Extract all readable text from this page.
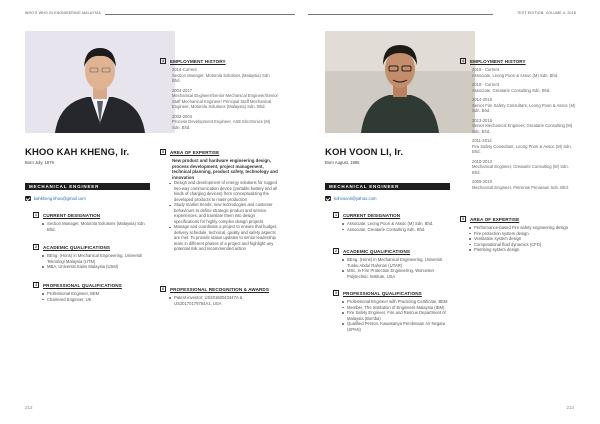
WHO'S WHO IN ENGINEERING MALAYSIA	TEST EDITION: VOLUME 4, 2018
KHOO KAH KHENG, Ir.
Born July, 1979
MECHANICAL ENGINEER
kahkheng.khoo@gmail.com
1	CURRENT DESIGNATION
Section Manager, Motorola Solutions (Malaysia) Sdn. Bhd.
2	ACADEMIC QUALIFICATIONS
BEng. (Hons) in Mechanical Engineering, Universiti Teknologi Malaysia (UTM)
MBA, Universiti Sains Malaysia (USM)
3	PROFESSIONAL QUALIFICATIONS
Professional Engineer, BEM
Chartered Engineer, UK
4	EMPLOYMENT HISTORY
2016-Current
Section Manager, Motorola Solutions (Malaysia) Sdn. Bhd.
2004-2017
Mechanical Engineer/Senior Mechanical Engineer/Senior Staff Mechanical Engineer/ Principal Staff Mechanical Engineer, Motorola Solutions (Malaysia) Sdn. Bhd.
2002-2004
Process Development Engineer, ASE Electronics (M) Sdn. Bhd.
5	AREA OF EXPERTISE
New product and hardware engineering design, process development, project management, technical planning, product safety, technology and innovation
Design and development of energy solutions for rugged two-way communication device (portable battery and all kinds of charging devices) from conceptualizing the developed products to mass production
Study market trends, new technologies and customer behaviours to define strategic product and service experiences, and translate them into design specifications for highly complex design projects
Manage and coordinate a project to ensure that budget, delivery schedule, technical, quality and safety aspects are met. To provide status updates to senior leadership team in different phases of a project and highlight any potential risk and recommended action
6	PROFESSIONAL RECOGNITION & AWARDS
Patent inventor: US20160043447A & US20170179754A1, USA
212
KOH VOON LI, Ir.
Born August, 1985
MECHANICAL ENGINEER
kohvoonli@yahoo.com
1	CURRENT DESIGNATION
Associate, Leong Poon & Assoc (M) Sdn. Bhd.
Associate, Greatarie Consulting Sdn. Bhd.
2	ACADEMIC QUALIFICATIONS
BEng. (Hons) in Mechanical Engineering, Universiti Tunku Abdul Rahman (UTAR)
MSc. in Fire Protection Engineering, Worcester Polytechnic Institute, USA
3	PROFESSIONAL QUALIFICATIONS
Professional Engineer with Practicing Certificate, BEM
Member, The Institution of Engineers Malaysia (IEM)
Fire Safety Engineer, Fire and Rescue Department of Malaysia (Bomba)
Qualified Person, Kawasanya Pembinaan Air Negara (SPAN)
4	EMPLOYMENT HISTORY
2019 - Current
Associate, Leong Poon & Assoc (M) Sdn. Bhd.
2018 - Current
Associate, Greatarie Consulting Sdn. Bhd.
2014-2016
Senior Fire Safety Consultant, Leong Poon & Assoc (M) Sdn. Bhd.
2013-2016
Senior Mechanical Engineer, Greatarie Consulting (M) Sdn. Bhd.
2011-2014
Fire Safety Consultant, Leong Poon & Assoc (M) Sdn. Bhd.
2010-2013
Mechanical Engineer, Greatarie Consulting (M) Sdn. Bhd.
2009-2010
Mechanical Engineer, Petronas Penaraan Sdn. Bhd.
5	AREA OF EXPERTISE
Performance-based Fire safety engineering design
Fire protection system design
Ventilation system design
Computational fluid dynamics (CFD)
Plumbing system design
213
